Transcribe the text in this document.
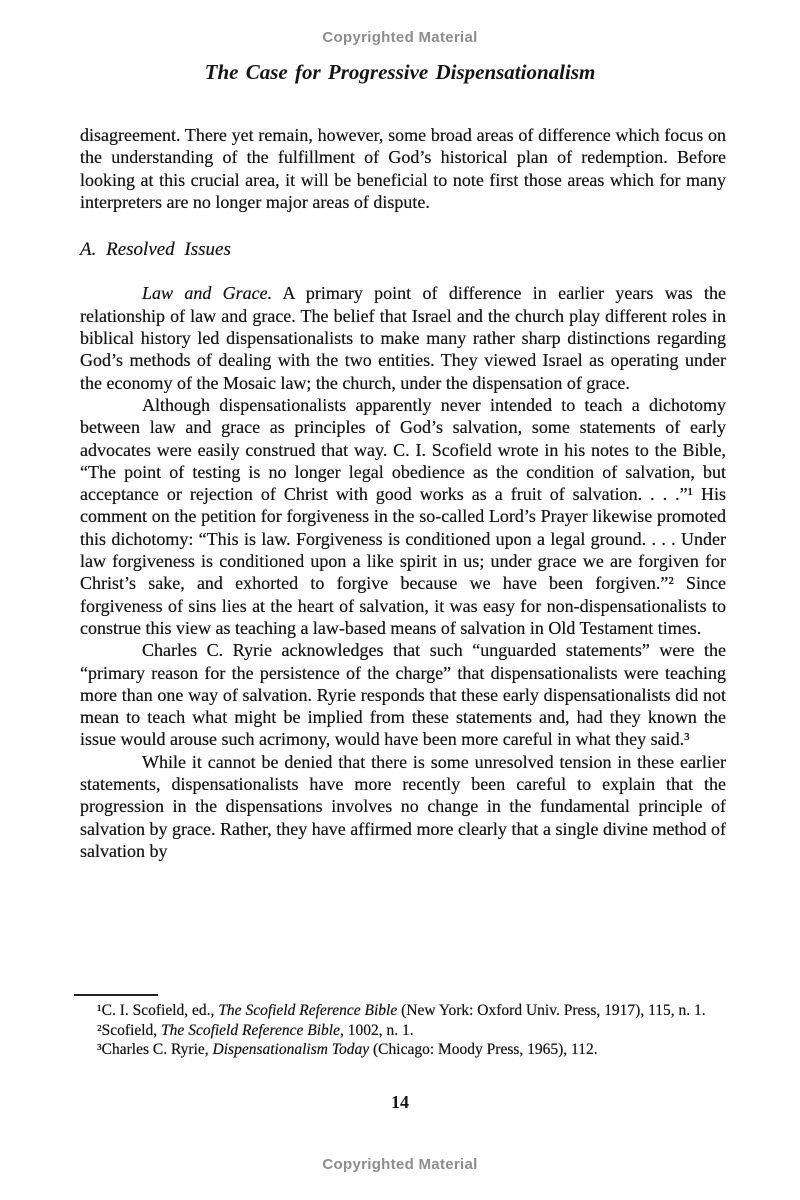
Copyrighted Material
The Case for Progressive Dispensationalism

disagreement. There yet remain, however, some broad areas of difference which focus on the understanding of the fulfillment of God’s historical plan of redemption. Before looking at this crucial area, it will be beneficial to note first those areas which for many interpreters are no longer major areas of dispute.

A. Resolved Issues

Law and Grace. A primary point of difference in earlier years was the relationship of law and grace. The belief that Israel and the church play different roles in biblical history led dispensationalists to make many rather sharp distinctions regarding God’s methods of dealing with the two entities. They viewed Israel as operating under the economy of the Mosaic law; the church, under the dispensation of grace.

Although dispensationalists apparently never intended to teach a dichotomy between law and grace as principles of God’s salvation, some statements of early advocates were easily construed that way. C. I. Scofield wrote in his notes to the Bible, “The point of testing is no longer legal obedience as the condition of salvation, but acceptance or rejection of Christ with good works as a fruit of salvation. . . .”¹ His comment on the petition for forgiveness in the so-called Lord’s Prayer likewise promoted this dichotomy: “This is law. Forgiveness is conditioned upon a legal ground. . . . Under law forgiveness is conditioned upon a like spirit in us; under grace we are forgiven for Christ’s sake, and exhorted to forgive because we have been forgiven.”² Since forgiveness of sins lies at the heart of salvation, it was easy for non-dispensationalists to construe this view as teaching a law-based means of salvation in Old Testament times.

Charles C. Ryrie acknowledges that such “unguarded statements” were the “primary reason for the persistence of the charge” that dispensationalists were teaching more than one way of salvation. Ryrie responds that these early dispensationalists did not mean to teach what might be implied from these statements and, had they known the issue would arouse such acrimony, would have been more careful in what they said.³

While it cannot be denied that there is some unresolved tension in these earlier statements, dispensationalists have more recently been careful to explain that the progression in the dispensations involves no change in the fundamental principle of salvation by grace. Rather, they have affirmed more clearly that a single divine method of salvation by

¹C. I. Scofield, ed., The Scofield Reference Bible (New York: Oxford Univ. Press, 1917), 115, n. 1.

²Scofield, The Scofield Reference Bible, 1002, n. 1.

³Charles C. Ryrie, Dispensationalism Today (Chicago: Moody Press, 1965), 112.

14
Copyrighted Material
